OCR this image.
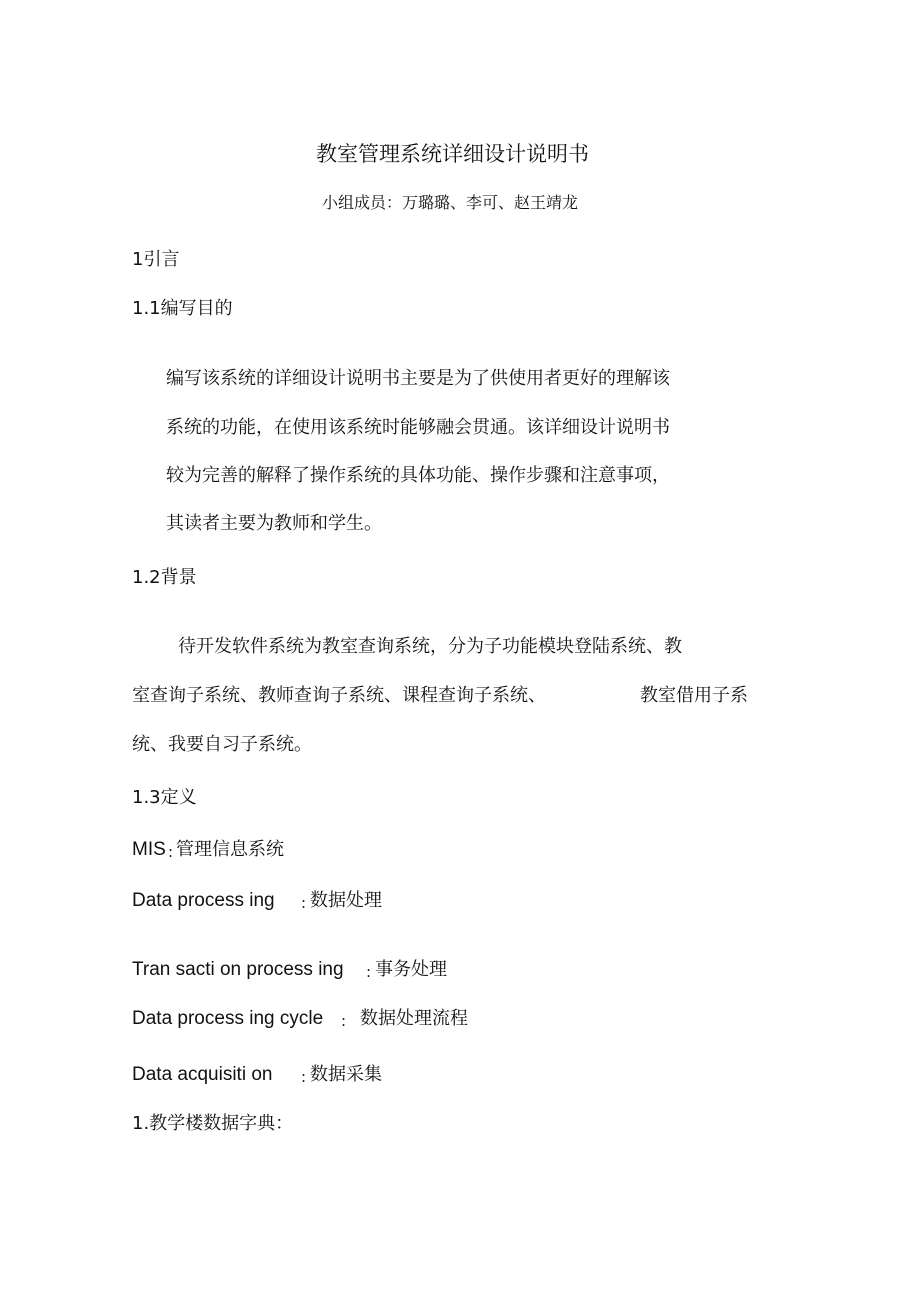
教室管理系统详细设计说明书
小组成员：万璐璐、李可、赵王靖龙
1引言
1.1编写目的
编写该系统的详细设计说明书主要是为了供使用者更好的理解该
系统的功能，在使用该系统时能够融会贯通。该详细设计说明书
较为完善的解释了操作系统的具体功能、操作步骤和注意事项，
其读者主要为教师和学生。
1.2背景
待开发软件系统为教室查询系统，分为子功能模块登陆系统、教
室查询子系统、教师查询子系统、课程查询子系统、	教室借用子系
统、我要自习子系统。
1.3定义
MIS : 管理信息系统
Data process ing : 数据处理
Tran sacti on process ing : 事务处理
Data process ing cycle : 数据处理流程
Data acquisiti on : 数据采集
1.教学楼数据字典：
